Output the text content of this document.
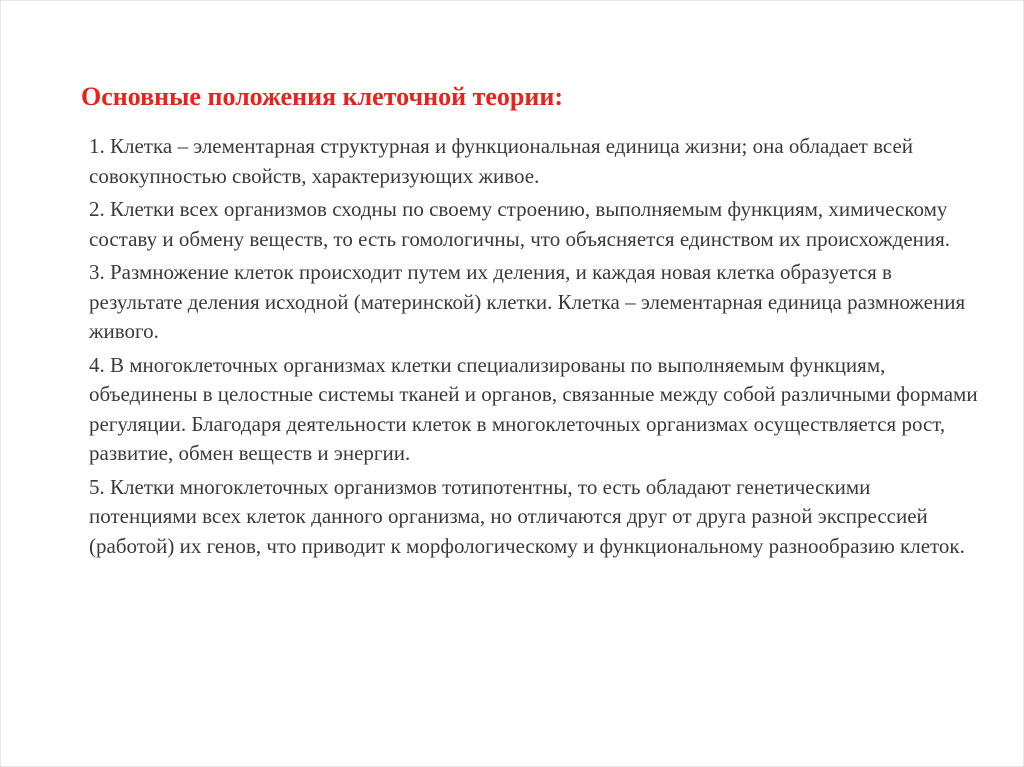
Основные положения клеточной теории:
1. Клетка – элементарная структурная и функциональная единица жизни; она обладает всей совокупностью свойств, характеризующих живое.
2. Клетки всех организмов сходны по своему строению, выполняемым функциям, химическому составу и обмену веществ, то есть гомологичны, что объясняется единством их происхождения.
3. Размножение клеток происходит путем их деления, и каждая новая клетка образуется в результате деления исходной (материнской) клетки. Клетка – элементарная единица размножения живого.
4. В многоклеточных организмах клетки специализированы по выполняемым функциям, объединены в целостные системы тканей и органов, связанные между собой различными формами регуляции. Благодаря деятельности клеток в многоклеточных организмах осуществляется рост, развитие, обмен веществ и энергии.
5. Клетки многоклеточных организмов тотипотентны, то есть обладают генетическими потенциями всех клеток данного организма, но отличаются друг от друга разной экспрессией (работой) их генов, что приводит к морфологическому и функциональному разнообразию клеток.
